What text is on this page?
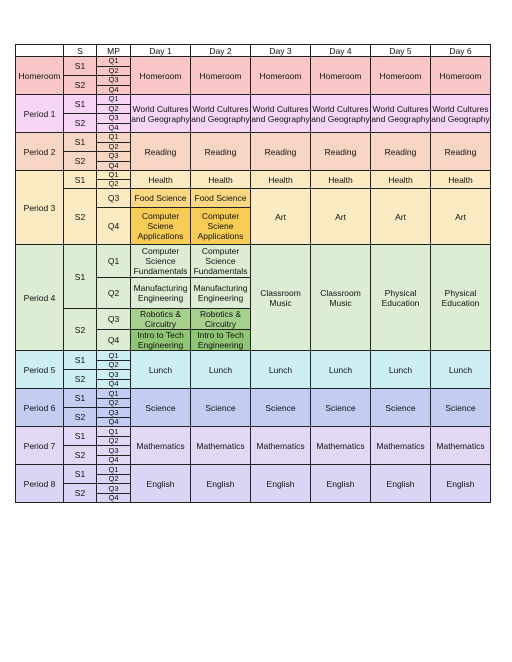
	S	MP	Day 1	Day 2	Day 3	Day 4	Day 5	Day 6
Homeroom	S1	Q1	Homeroom	Homeroom	Homeroom	Homeroom	Homeroom	Homeroom
		Q2						
	S2	Q3						
		Q4						
Period 1	S1	Q1	World Cultures and Geography	World Cultures and Geography	World Cultures and Geography	World Cultures and Geography	World Cultures and Geography	World Cultures and Geography
		Q2						
	S2	Q3						
		Q4						
Period 2	S1	Q1	Reading	Reading	Reading	Reading	Reading	Reading
		Q2						
	S2	Q3						
		Q4						
Period 3	S1	Q1	Health	Health	Health	Health	Health	Health
		Q2						
	S2	Q3	Food Science	Food Science	Art	Art	Art	Art
		Q4	Computer Sciene Applications	Computer Sciene Applications				
Period 4	S1	Q1	Computer Science Fundamentals	Computer Science Fundamentals	Classroom Music	Classroom Music	Physical Education	Physical Education
		Q2	Manufacturing Engineering	Manufacturing Engineering				
	S2	Q3	Robotics & Circuitry	Robotics & Circuitry				
		Q4	Intro to Tech Engineering	Intro to Tech Engineering				
Period 5	S1	Q1	Lunch	Lunch	Lunch	Lunch	Lunch	Lunch
		Q2						
	S2	Q3						
		Q4						
Period 6	S1	Q1	Science	Science	Science	Science	Science	Science
		Q2						
	S2	Q3						
		Q4						
Period 7	S1	Q1	Mathematics	Mathematics	Mathematics	Mathematics	Mathematics	Mathematics
		Q2						
	S2	Q3						
		Q4						
Period 8	S1	Q1	English	English	English	English	English	English
		Q2						
	S2	Q3						
		Q4						
